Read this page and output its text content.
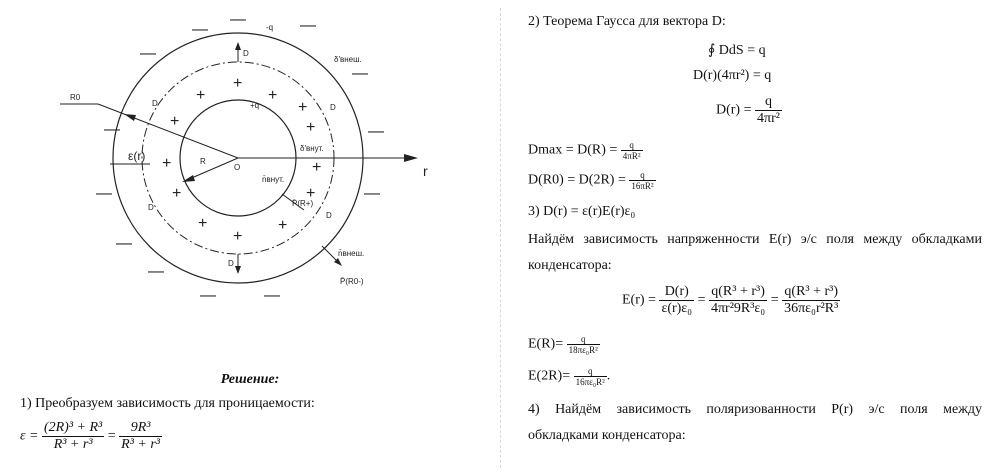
r
R
O
R0
ε(r)
-q
+q
δ′внеш.
δ′внут.
D
D
D	D
D
D
n̄внут.
P̄(R+)
n̄внеш.
P̄(R0-)
+
+	+
+
+
+
+	+
+	+
+	+
+
—
—	—
—
—
—	—
—	—
—
—
—	—
Решение:
1) Преобразуем зависимость для проницаемости:
$\varepsilon = \frac{\text{(2R)³ + R³}}{\text{R³ + r³}} = \frac{\text{9R³}}{\text{R³ + r³}}$
2) Теорема Гаусса для вектора D:
∮ DdS = q
D(r)(4πr²) = q
$D(r) = \frac{q}{\text{4πr²}}$
$Dmax = D(R) = \frac{q}{\text{4πR²}}$
$D(R0) = D(2R) = \frac{q}{\text{16πR²}}$
3) D(r) = ε(r)E(r)ε₀
Найдём зависимость напряженности E(r) э/с поля между обкладками
конденсатора:
$E(r) = \frac{D(r)}{\text{ε(r)ε₀}} = \frac{\text{q(R³ + r³)}}{\text{4πr²9R³ε₀}} = \frac{\text{q(R³ + r³)}}{\text{36πε₀r²R³}}$
$E(R)= \frac{q}{\text{18πε₀R²}}$
$E(2R)= \frac{q}{\text{16πε₀R²}}$ .
4) Найдём зависимость поляризованности P(r) э/с поля между
обкладками конденсатора:
